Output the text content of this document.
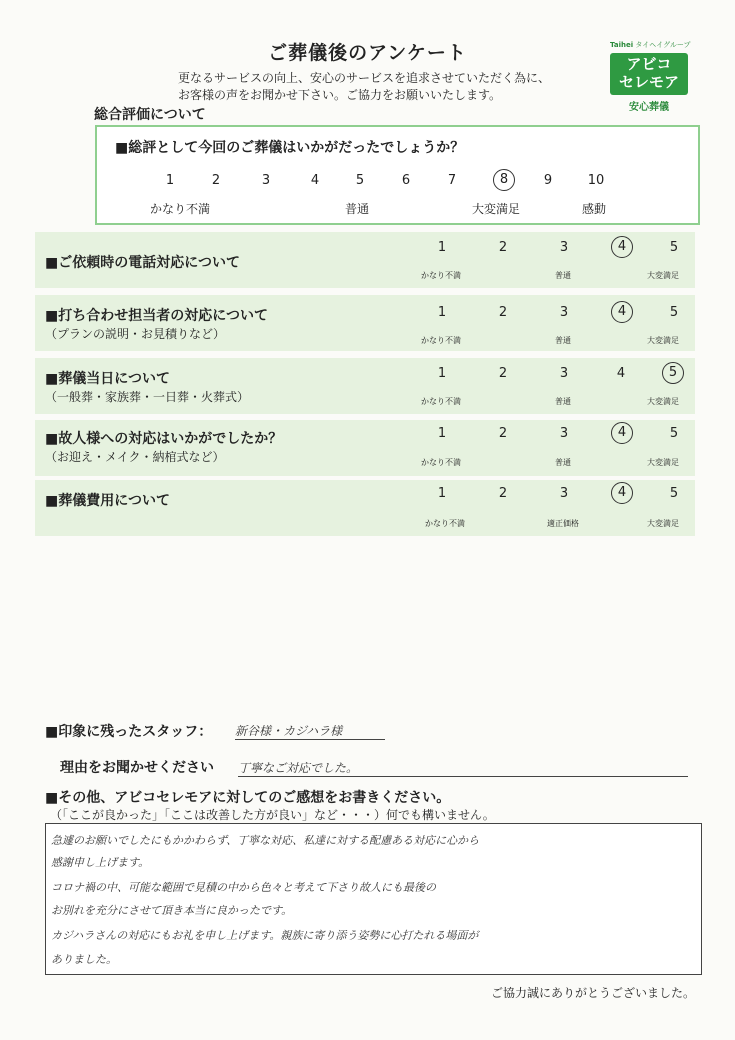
ご葬儀後のアンケート
更なるサービスの向上、安心のサービスを追求させていただく為に、
お客様の声をお聞かせ下さい。ご協力をお願いいたします。
Taihei タイヘイグループ
アビコ
セレモア
安心葬儀
総合評価について
■総評として今回のご葬儀はいかがだったでしょうか？
1	2	3	4	5	6	7	8	9	10
かなり不満	普通	大変満足	感動
■ご依頼時の電話対応について
1	2	3	4	5
かなり不満	普通	大変満足
■打ち合わせ担当者の対応について
（プランの説明・お見積りなど）
1	2	3	4	5
かなり不満	普通	大変満足
■葬儀当日について
（一般葬・家族葬・一日葬・火葬式）
1	2	3	4	5
かなり不満	普通	大変満足
■故人様への対応はいかがでしたか？
（お迎え・メイク・納棺式など）
1	2	3	4	5
かなり不満	普通	大変満足
■葬儀費用について	1	2	3	4	5
かなり不満	適正価格	大変満足
■印象に残ったスタッフ： 新谷様・カジハラ様
理由をお聞かせください 丁寧なご対応でした。
■その他、アビコセレモアに対してのご感想をお書きください。
（「ここが良かった」「ここは改善した方が良い」など・・・）何でも構いません。
急遽のお願いでしたにもかかわらず、丁寧な対応、私達に対する配慮ある対応に心から
感謝申し上げます。
コロナ禍の中、可能な範囲で見積の中から色々と考えて下さり故人にも最後の
お別れを充分にさせて頂き本当に良かったです。
カジハラさんの対応にもお礼を申し上げます。親族に寄り添う姿勢に心打たれる場面が
ありました。
ご協力誠にありがとうございました。
